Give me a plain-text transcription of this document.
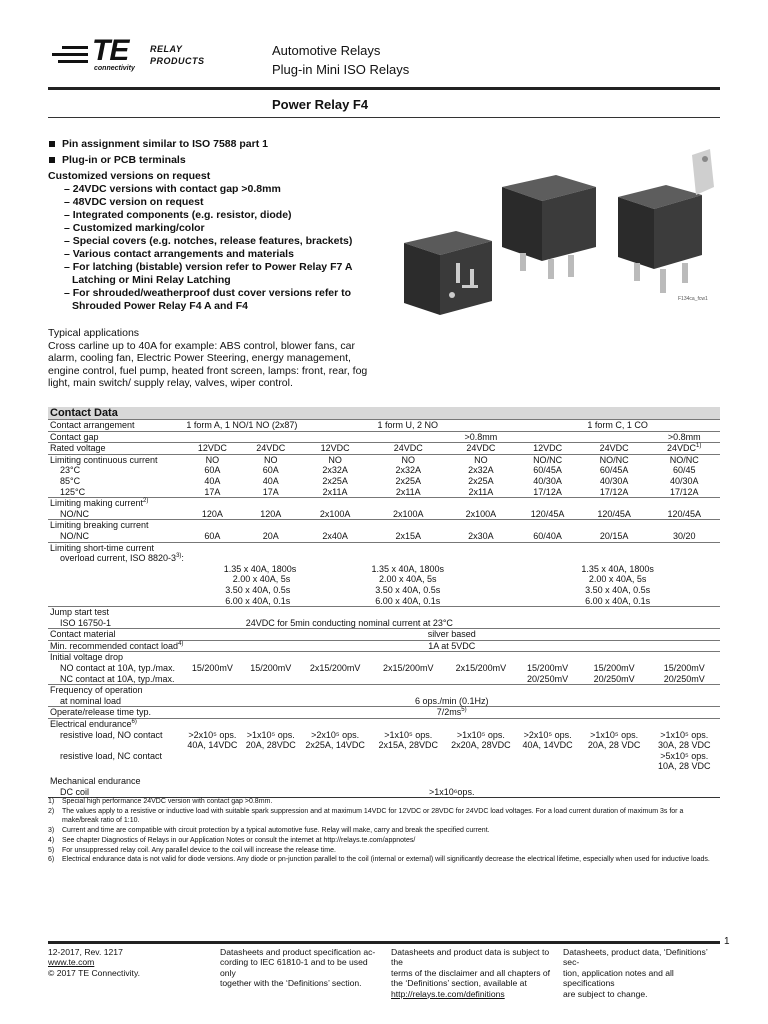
TE
connectivity
RELAY
PRODUCTS
Automotive Relays
Plug-in Mini ISO Relays
Power Relay F4
Pin assignment similar to ISO 7588 part 1
Plug-in or PCB terminals
Customized versions on request
– 24VDC versions with contact gap >0.8mm
– 48VDC version on request
– Integrated components (e.g. resistor, diode)
– Customized marking/color
– Special covers (e.g. notches, release features, brackets)
– Various contact arrangements and materials
– For latching (bistable) version refer to Power Relay F7 A Latching or Mini Relay Latching
– For shrouded/weatherproof dust cover versions refer to Shrouded Power Relay F4 A and F4
F134ca_fcw1
Typical applications
Cross carline up to 40A for example: ABS control, blower fans, car alarm, cooling fan, Electric Power Steering, energy management, engine control, fuel pump, heated front screen, lamps: front, rear, fog light, main switch/ supply relay, valves, wiper control.
Contact Data
Contact arrangement	1 form A, 1 NO/1 NO (2x87)		1 form U, 2 NO			1 form C, 1 CO		
Contact gap					>0.8mm			>0.8mm
Rated voltage	12VDC	24VDC	12VDC	24VDC	24VDC	12VDC	24VDC	24VDC$^{1)}$
Limiting continuous current	NO	NO	NO	NO	NO	NO/NC	NO/NC	NO/NC
23°C	60A	60A	2x32A	2x32A	2x32A	60/45A	60/45A	60/45
85°C	40A	40A	2x25A	2x25A	2x25A	40/30A	40/30A	40/30A
125°C	17A	17A	2x11A	2x11A	2x11A	17/12A	17/12A	17/12A
Limiting making current$^{2)}$	
NO/NC	120A	120A	2x100A	2x100A	2x100A	120/45A	120/45A	120/45A
Limiting breaking current								
NO/NC	60A	20A	2x40A	2x15A	2x30A	60/40A	20/15A	30/20
Limiting short-time current								
overload current, ISO 8820-3$^{3)}$:								
	1.35 x 40A, 1800s		1.35 x 40A, 1800s			1.35 x 40A, 1800s		
	2.00 x 40A, 5s		2.00 x 40A, 5s			2.00 x 40A, 5s		
	3.50 x 40A, 0.5s		3.50 x 40A, 0.5s			3.50 x 40A, 0.5s		
	6.00 x 40A, 0.1s		6.00 x 40A, 0.1s			6.00 x 40A, 0.1s		
Jump start test								
ISO 16750-1	24VDC for 5min conducting nominal current at 23°C							
Contact material	silver based							
Min. recommended contact load$^{4)}$	1A at 5VDC							
Initial voltage drop								
NO contact at 10A, typ./max.	15/200mV	15/200mV	2x15/200mV	2x15/200mV	2x15/200mV	15/200mV	15/200mV	15/200mV
NC contact at 10A, typ./max.						20/250mV	20/250mV	20/250mV
Frequency of operation								
at nominal load	6 ops./min (0.1Hz)							
Operate/release time typ.	$7/2ms^{5)}$
Electrical endurance$^{6)}$	
resistive load, NO contact	>2x10⁵ ops.	>1x10⁵ ops.	>2x10⁵ ops.	>1x10⁵ ops.	>1x10⁵ ops.	>2x10⁵ ops.	>1x10⁵ ops.	>1x10⁵ ops.
	40A, 14VDC	20A, 28VDC	2x25A, 14VDC	2x15A, 28VDC	2x20A, 28VDC	40A, 14VDC	20A, 28 VDC	30A, 28 VDC
resistive load, NC contact								>5x10⁵ ops.
								10A, 28 VDC
Mechanical endurance								
DC coil	>1x10⁶ops.							
1) Special high performance 24VDC version with contact gap >0.8mm.
2) The values apply to a resistive or inductive load with suitable spark suppression and at maximum 14VDC for 12VDC or 28VDC for 24VDC load voltages. For a load current duration of maximum 3s for a make/break ratio of 1:10.
3) Current and time are compatible with circuit protection by a typical automotive fuse. Relay will make, carry and break the specified current.
4) See chapter Diagnostics of Relays in our Application Notes or consult the internet at http://relays.te.com/appnotes/
5) For unsuppressed relay coil. Any parallel device to the coil will increase the release time.
6) Electrical endurance data is not valid for diode versions. Any diode or pn-junction parallel to the coil (internal or external) will significantly decrease the electrical lifetime, especially when used for inductive loads.
1
12-2017, Rev. 1217
www.te.com
© 2017 TE Connectivity.
Datasheets and product specification ac-
cording to IEC 61810-1 and to be used only
together with the ‘Definitions’ section.
Datasheets and product data is subject to the
terms of the disclaimer and all chapters of
the ‘Definitions’ section, available at
http://relays.te.com/definitions
Datasheets, product data, ‘Definitions’ sec-
tion, application notes and all specifications
are subject to change.
